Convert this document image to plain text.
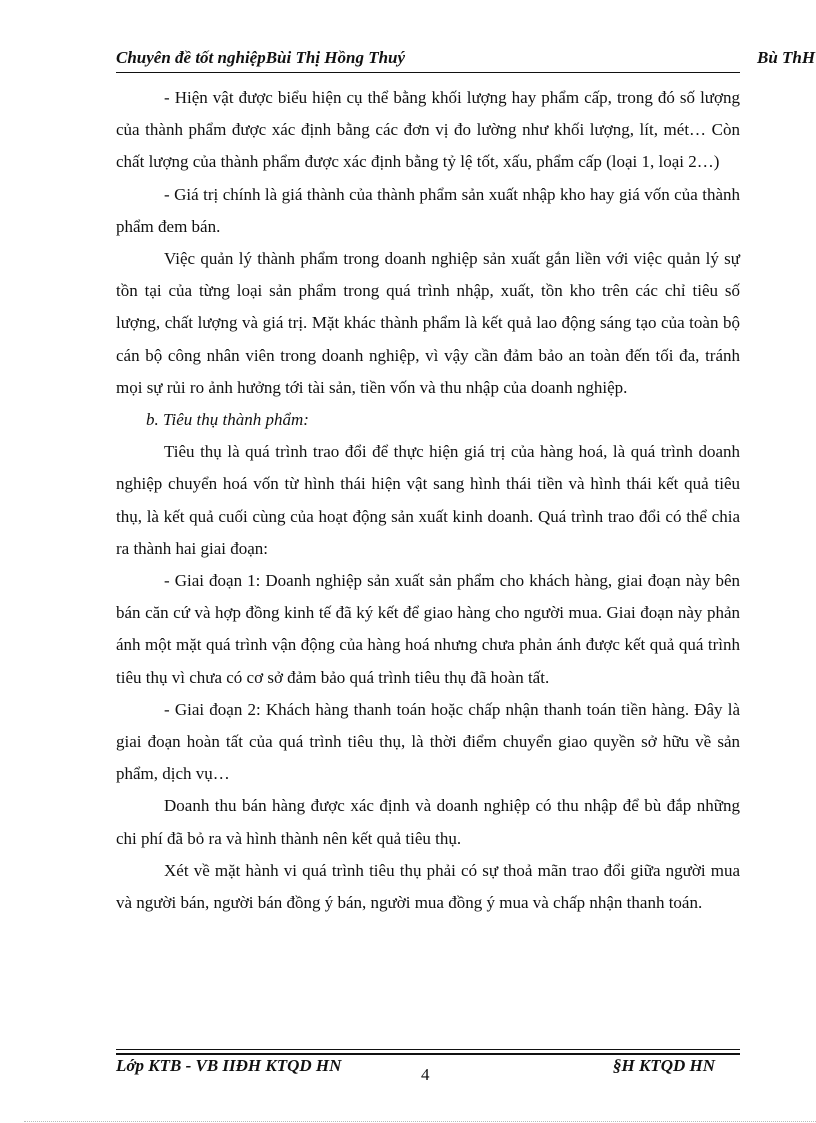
Chuyên đề tốt nghiệpBùi Thị Hồng Thuý	Bù ThH

- Hiện vật được biểu hiện cụ thể bằng khối lượng hay phẩm cấp, trong đó số lượng của thành phẩm được xác định bằng các đơn vị đo lường như khối lượng, lít, mét… Còn chất lượng của thành phẩm được xác định bằng tỷ lệ tốt, xấu, phẩm cấp (loại 1, loại 2…)

- Giá trị chính là giá thành của thành phẩm sản xuất nhập kho hay giá vốn của thành phẩm đem bán.

Việc quản lý thành phẩm trong doanh nghiệp sản xuất gắn liền với việc quản lý sự tồn tại của từng loại sản phẩm trong quá trình nhập, xuất, tồn kho trên các chỉ tiêu số lượng, chất lượng và giá trị. Mặt khác thành phẩm là kết quả lao động sáng tạo của toàn bộ cán bộ công nhân viên trong doanh nghiệp, vì vậy cần đảm bảo an toàn đến tối đa, tránh mọi sự rủi ro ảnh hưởng tới tài sản, tiền vốn và thu nhập của doanh nghiệp.

b. Tiêu thụ thành phẩm:

Tiêu thụ là quá trình trao đổi để thực hiện giá trị của hàng hoá, là quá trình doanh nghiệp chuyển hoá vốn từ hình thái hiện vật sang hình thái tiền và hình thái kết quả tiêu thụ, là kết quả cuối cùng của hoạt động sản xuất kinh doanh. Quá trình trao đổi có thể chia ra thành hai giai đoạn:

- Giai đoạn 1: Doanh nghiệp sản xuất sản phẩm cho khách hàng, giai đoạn này bên bán căn cứ và hợp đồng kinh tế đã ký kết để giao hàng cho người mua. Giai đoạn này phản ánh một mặt quá trình vận động của hàng hoá nhưng chưa phản ánh được kết quả quá trình tiêu thụ vì chưa có cơ sở đảm bảo quá trình tiêu thụ đã hoàn tất.

- Giai đoạn 2: Khách hàng thanh toán hoặc chấp nhận thanh toán tiền hàng. Đây là giai đoạn hoàn tất của quá trình tiêu thụ, là thời điểm chuyển giao quyền sở hữu về sản phẩm, dịch vụ…

Doanh thu bán hàng được xác định và doanh nghiệp có thu nhập để bù đắp những chi phí đã bỏ ra và hình thành nên kết quả tiêu thụ.

Xét về mặt hành vi quá trình tiêu thụ phải có sự thoả mãn trao đổi giữa người mua và người bán, người bán đồng ý bán, người mua đồng ý mua và chấp nhận thanh toán.

Lớp KTB - VB IIĐH KTQD HN	4	§H KTQD HN
